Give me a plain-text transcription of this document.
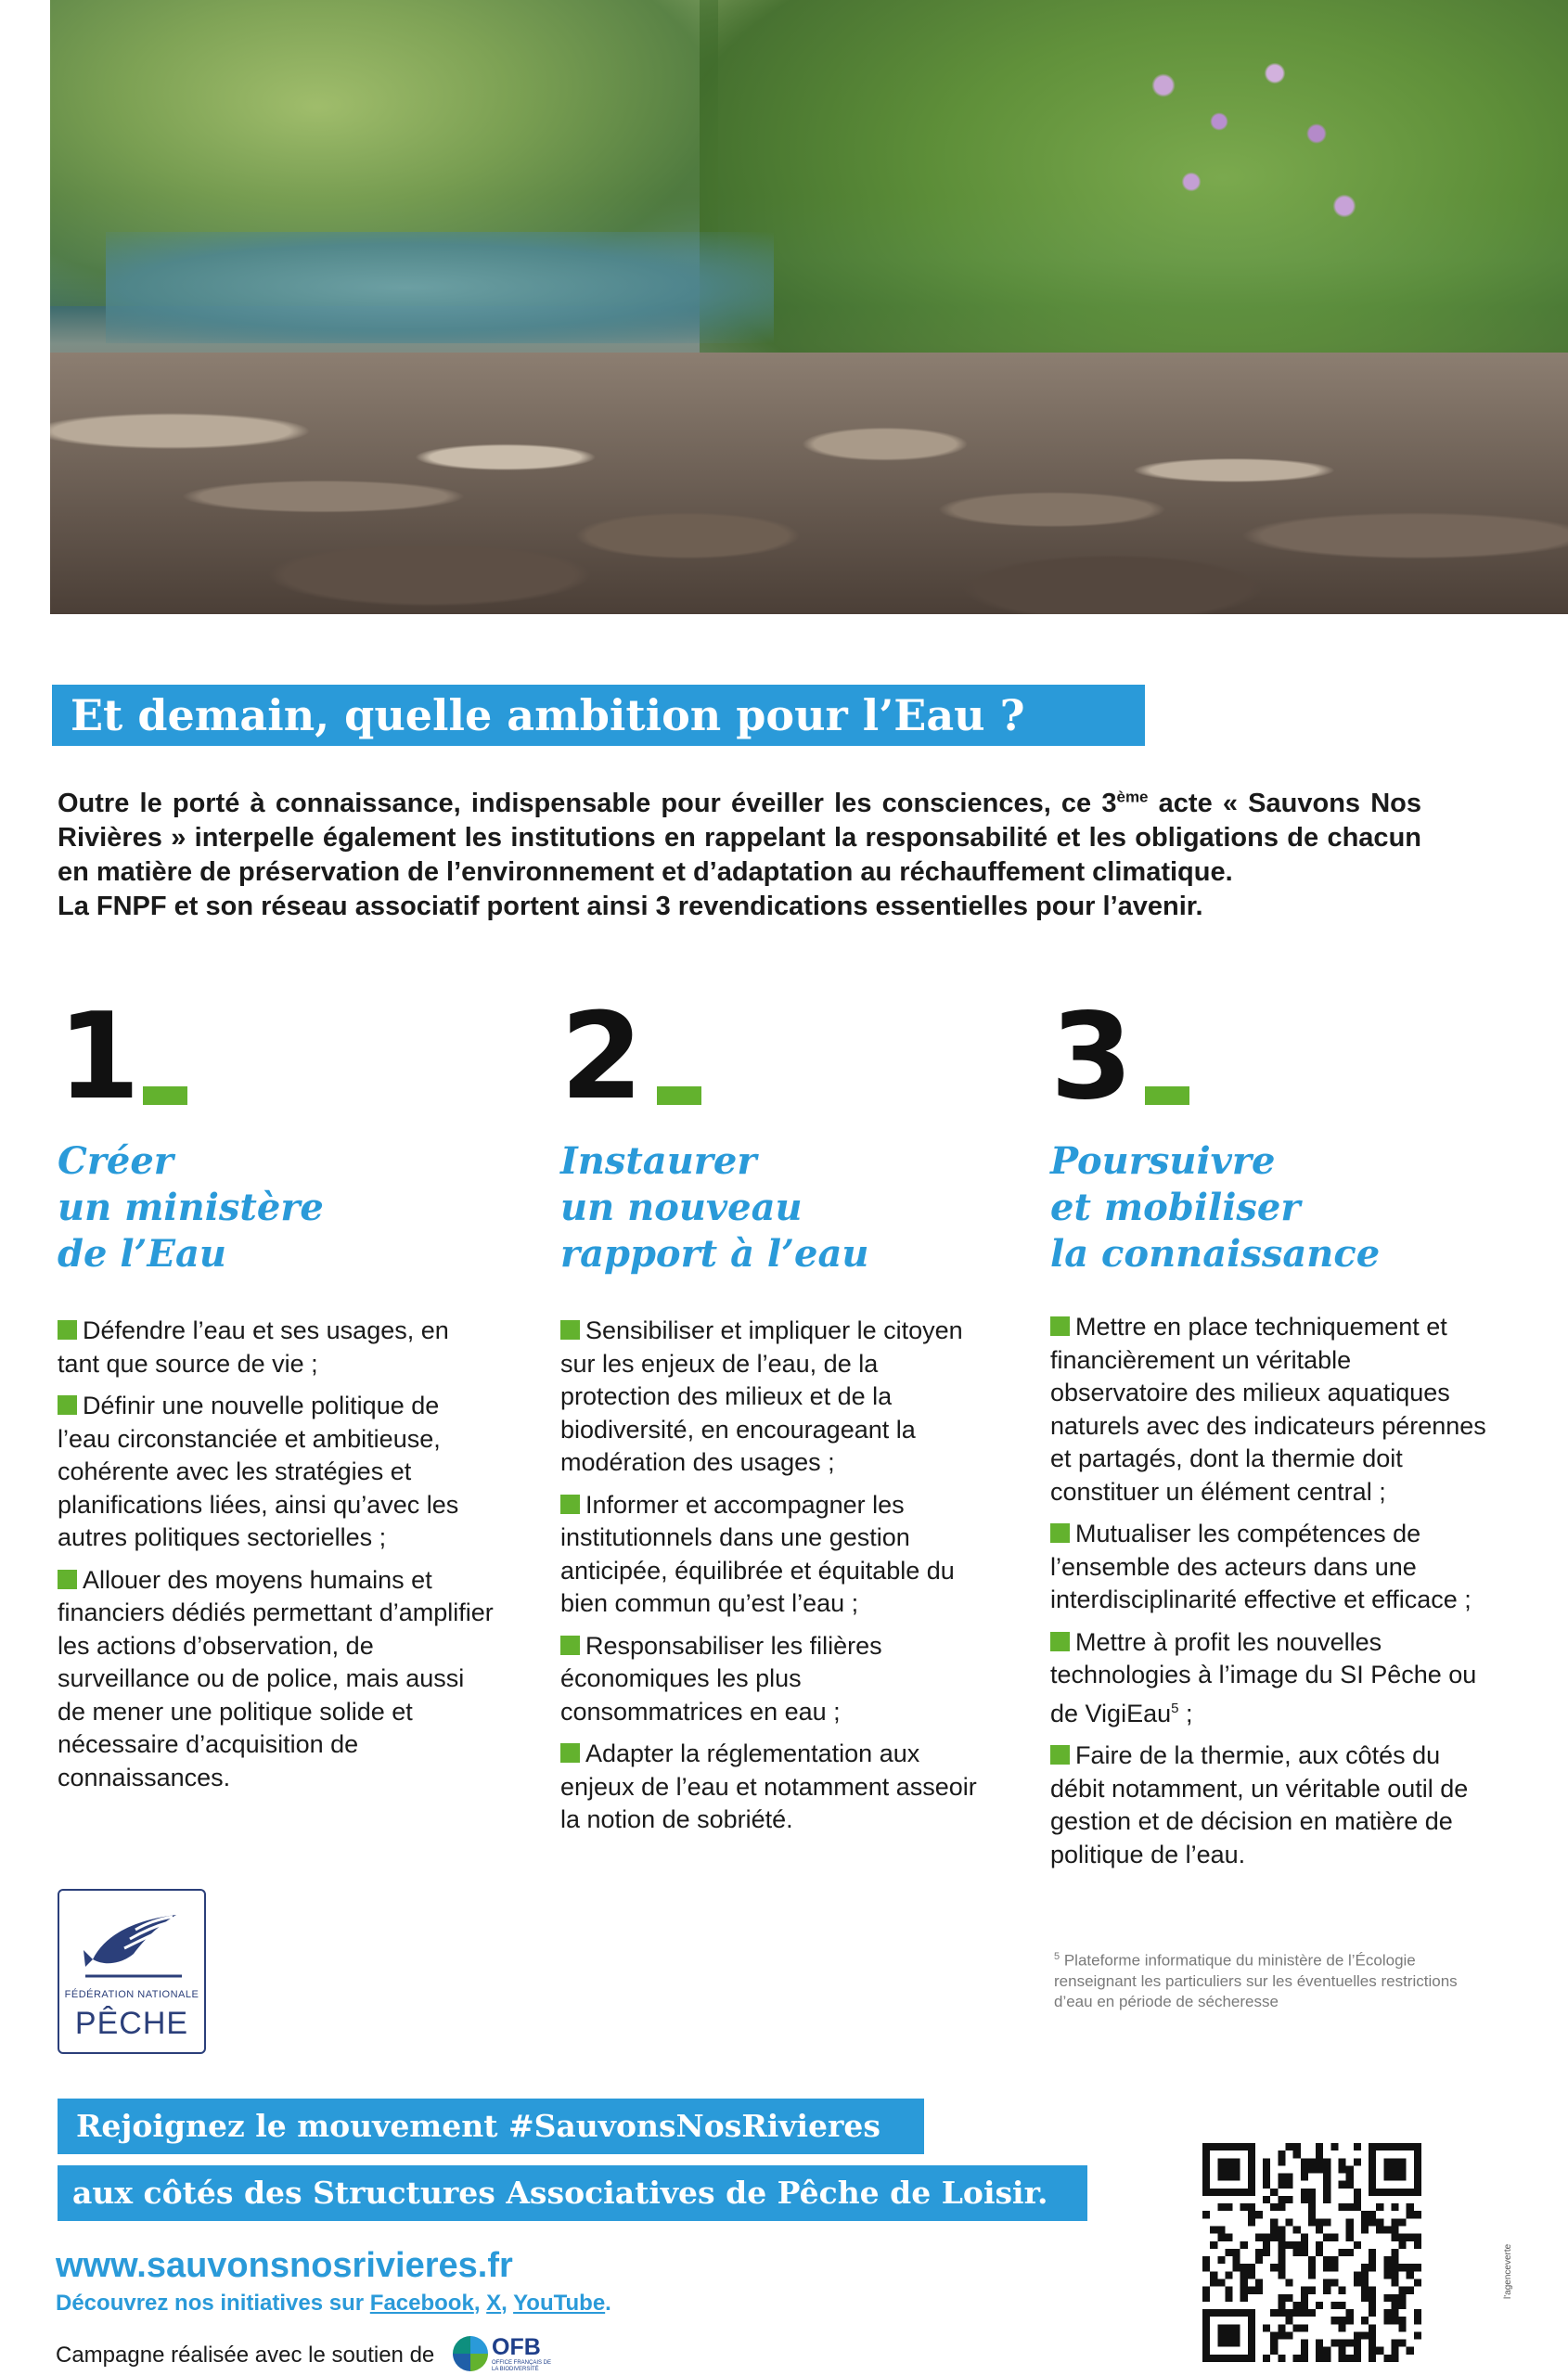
Et demain, quelle ambition pour l’Eau ?

Outre le porté à connaissance, indispensable pour éveiller les consciences, ce 3ème acte « Sauvons Nos Rivières » interpelle également les institutions en rappelant la responsabilité et les obligations de chacun en matière de préservation de l’environnement et d’adaptation au réchauffement climatique.

La FNPF et son réseau associatif portent ainsi 3 revendications essentielles pour l’avenir.

1
Créer
un ministère
de l’Eau
Défendre l’eau et ses usages, en tant que source de vie ;
Définir une nouvelle politique de l’eau circonstanciée et ambitieuse, cohérente avec les stratégies et planifications liées, ainsi qu’avec les autres politiques sectorielles ;
Allouer des moyens humains et financiers dédiés permettant d’amplifier les actions d’observation, de surveillance ou de police, mais aussi de mener une politique solide et nécessaire d’acquisition de connaissances.
2
Instaurer
un nouveau
rapport à l’eau
Sensibiliser et impliquer le citoyen sur les enjeux de l’eau, de la protection des milieux et de la biodiversité, en encourageant la modération des usages ;
Informer et accompagner les institutionnels dans une gestion anticipée, équilibrée et équitable du bien commun qu’est l’eau ;
Responsabiliser les filières économiques les plus consommatrices en eau ;
Adapter la réglementation aux enjeux de l’eau et notamment asseoir la notion de sobriété.
3
Poursuivre
et mobiliser
la connaissance
Mettre en place techniquement et financièrement un véritable observatoire des milieux aquatiques naturels avec des indicateurs pérennes et partagés, dont la thermie doit constituer un élément central ;
Mutualiser les compétences de l’ensemble des acteurs dans une interdisciplinarité effective et efficace ;
Mettre à profit les nouvelles technologies à l’image du SI Pêche ou de VigiEau$^5$ ;
Faire de la thermie, aux côtés du débit notamment, un véritable outil de gestion et de décision en matière de politique de l’eau.
$^5$ Plateforme informatique du ministère de l’Écologie renseignant les particuliers sur les éventuelles restrictions d’eau en période de sécheresse
FÉDÉRATION NATIONALE
PÊCHE
Rejoignez le mouvement #SauvonsNosRivieres
aux côtés des Structures Associatives de Pêche de Loisir.
www.sauvonsnosrivieres.fr
Découvrez nos initiatives sur Facebook, X, YouTube.
Campagne réalisée avec le soutien de OFB
OFFICE FRANÇAIS DE LA BIODIVERSITÉ
l'agenceverte
